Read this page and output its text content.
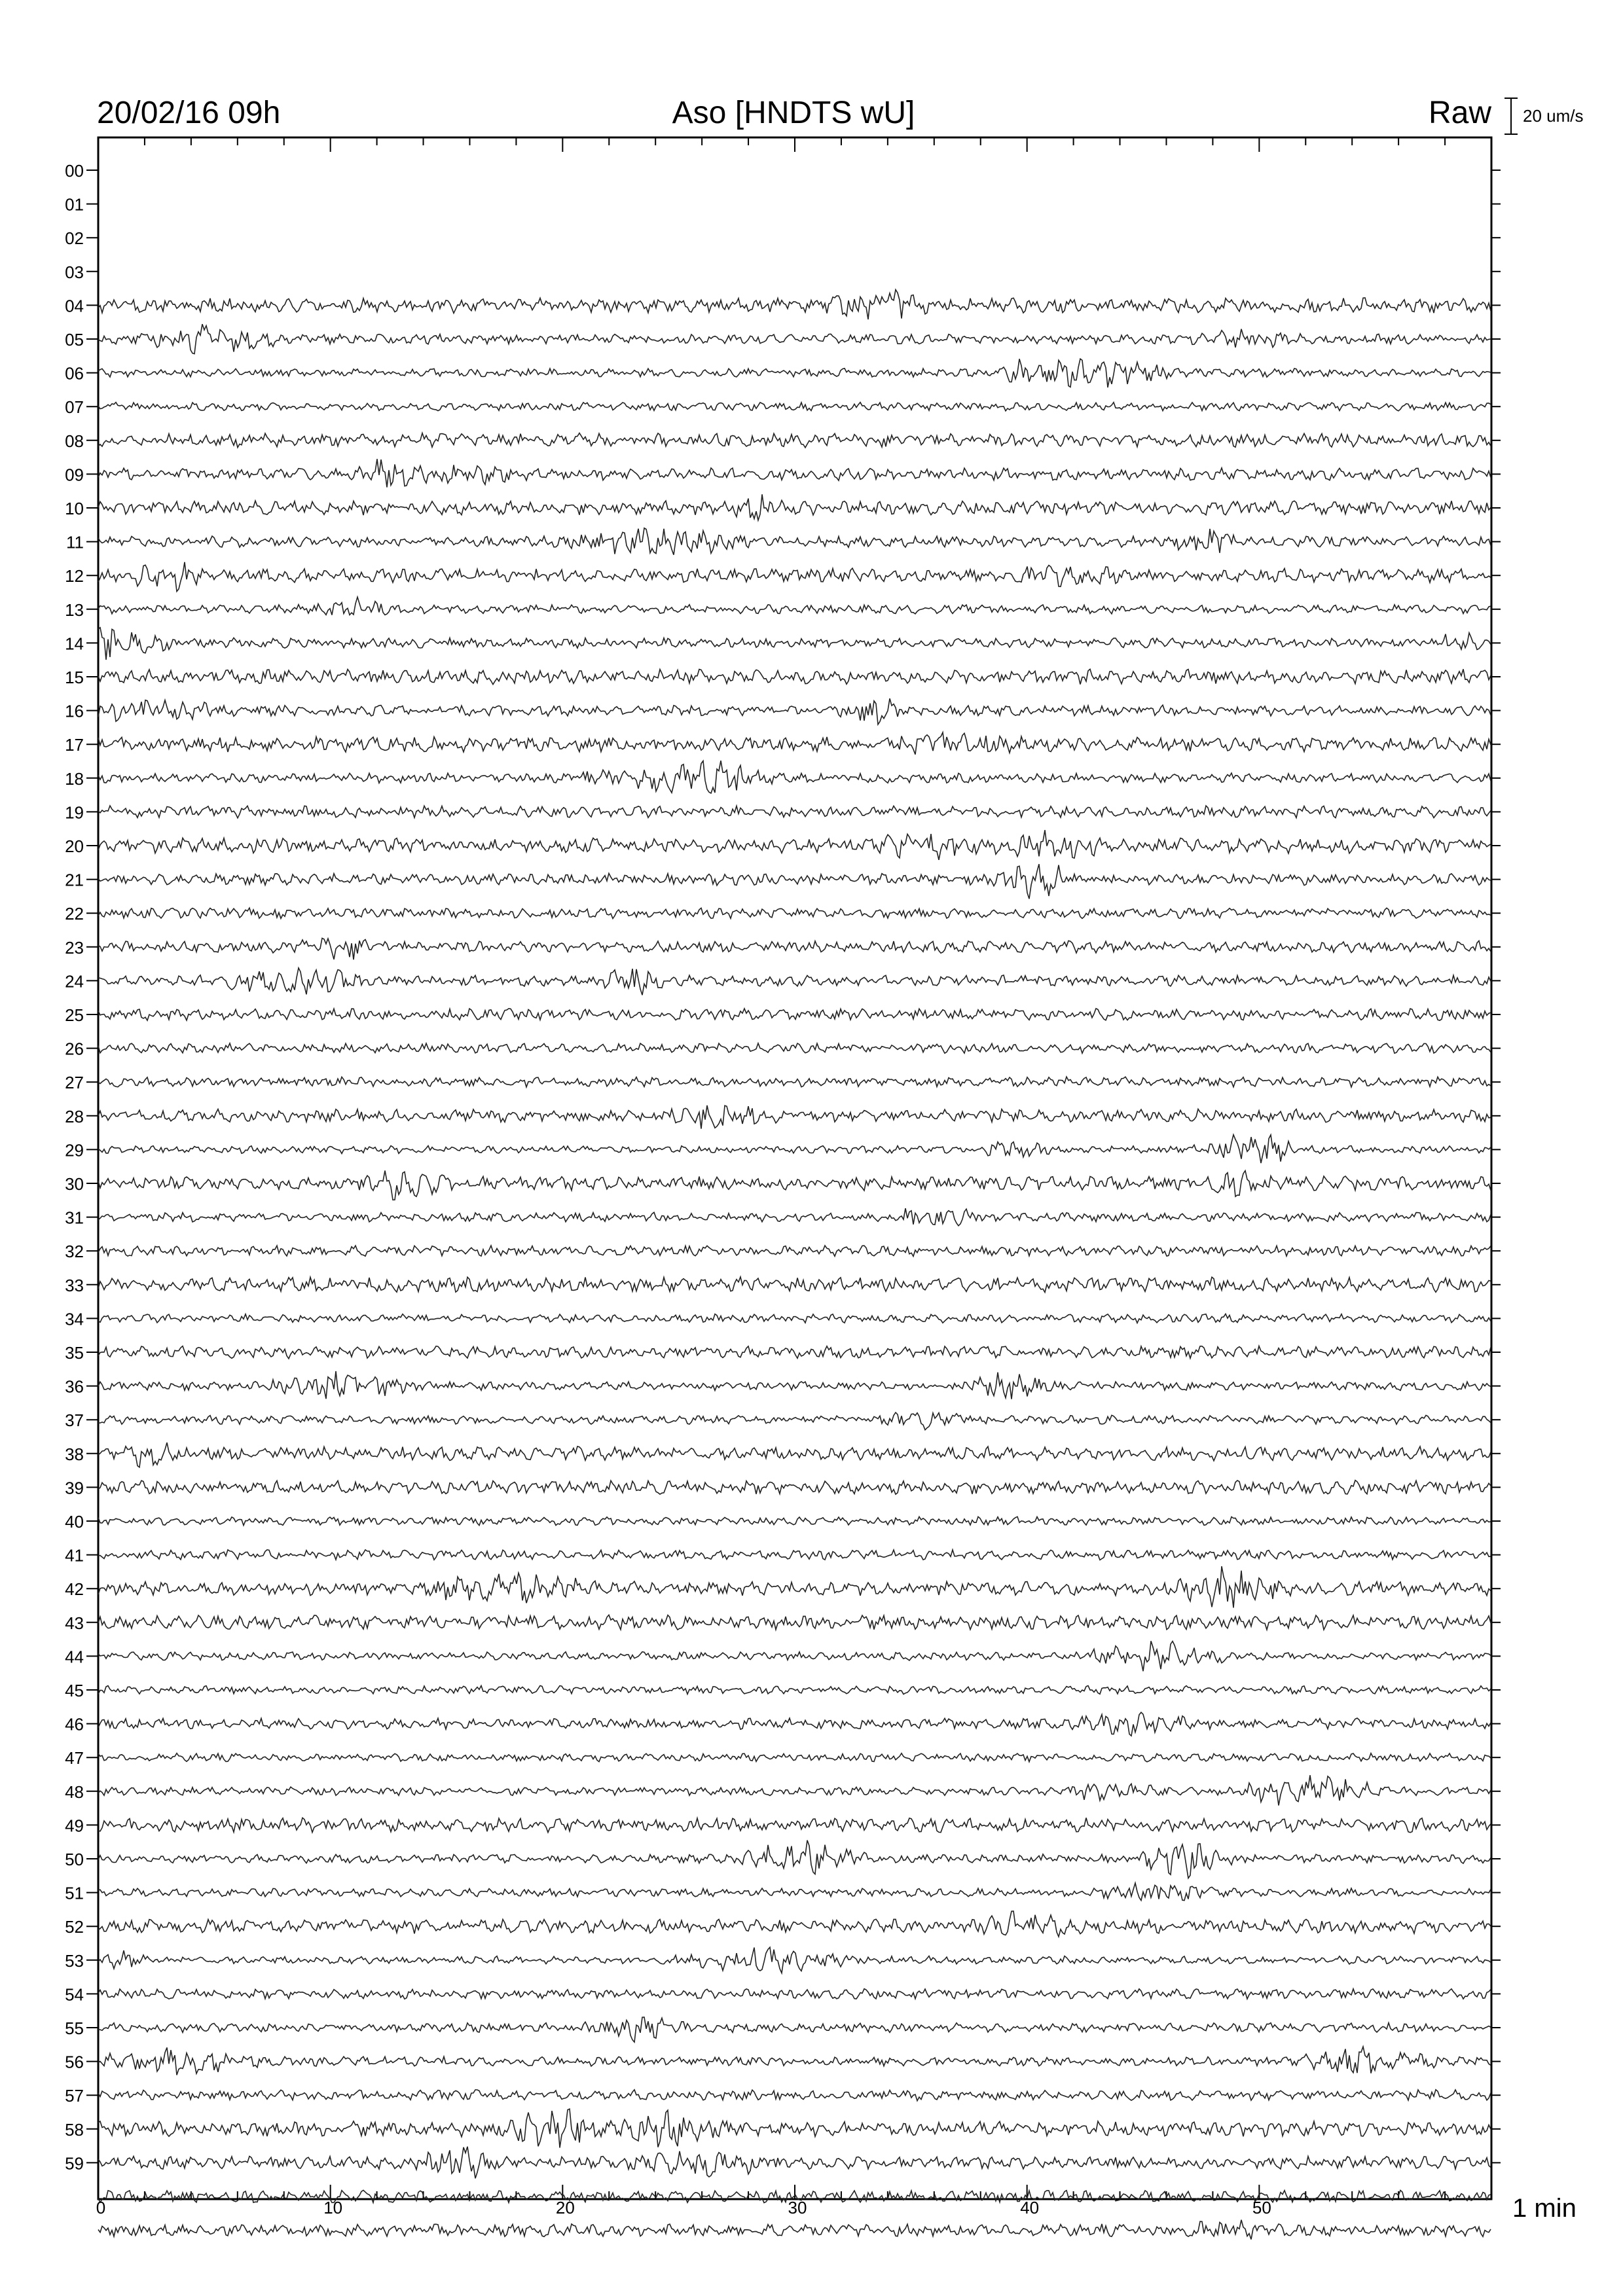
20/02/16 09h	Aso [HNDTS wU]	Raw 20 um/s
00
01
02
03
04
05
06
07
08
09
10
11
12
13
14
15
16
17
18
19
20
21
22
23
24
25
26
27
28
29
30
31
32
33
34
35
36
37
38
39
40
41
42
43
44
45
46
47
48
49
50
51
52
53
54
55
56
57
58
59
0	10	20	30	40	50	1 min
